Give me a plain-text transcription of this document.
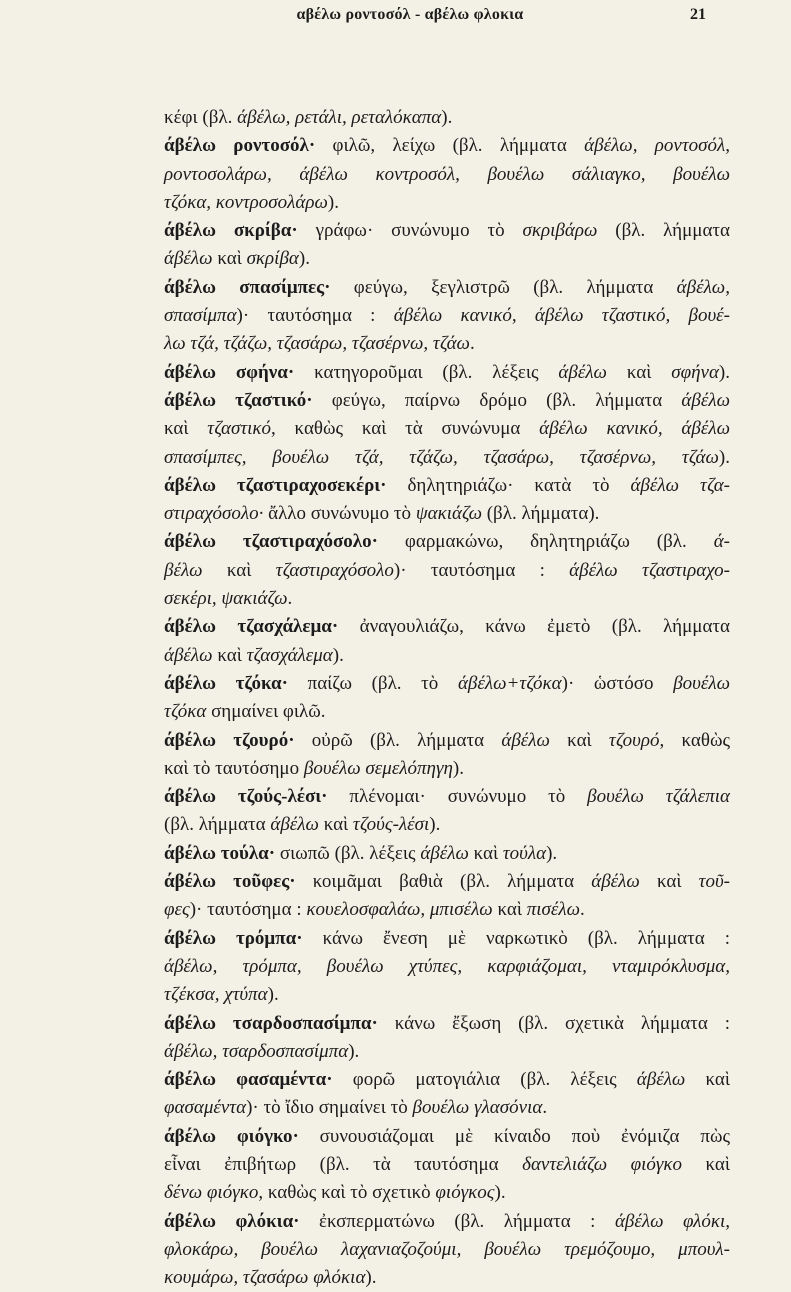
αβέλω ροντοσόλ - αβέλω φλοκια	21
κέφι (βλ. άβέλω, ρετάλι, ρεταλόκαπα).
άβέλω ροντοσόλ· φιλῶ, λείχω (βλ. λήμματα άβέλω, ροντοσόλ,
ροντοσολάρω, άβέλω κοντροσόλ, βουέλω σάλιαγκο, βουέλω
τζόκα, κοντροσολάρω).
άβέλω σκρίβα· γράφω· συνώνυμο τὸ σκριβάρω (βλ. λήμματα
άβέλω καὶ σκρίβα).
άβέλω σπασίμπες· φεύγω, ξεγλιστρῶ (βλ. λήμματα άβέλω,
σπασίμπα)· ταυτόσημα : άβέλω κανικό, άβέλω τζαστικό, βουέ-
λω τζά, τζάζω, τζασάρω, τζασέρνω, τζάω.
άβέλω σφήνα· κατηγοροῦμαι (βλ. λέξεις άβέλω καὶ σφήνα).
άβέλω τζαστικό· φεύγω, παίρνω δρόμο (βλ. λήμματα άβέλω
καὶ τζαστικό, καθὼς καὶ τὰ συνώνυμα άβέλω κανικό, άβέλω
σπασίμπες, βουέλω τζά, τζάζω, τζασάρω, τζασέρνω, τζάω).
άβέλω τζαστιραχοσεκέρι· δηλητηριάζω· κατὰ τὸ άβέλω τζα-
στιραχόσολο· ἄλλο συνώνυμο τὸ ψακιάζω (βλ. λήμματα).
άβέλω τζαστιραχόσολο· φαρμακώνω, δηλητηριάζω (βλ. ά-
βέλω καὶ τζαστιραχόσολο)· ταυτόσημα : άβέλω τζαστιραχο-
σεκέρι, ψακιάζω.
άβέλω τζασχάλεμα· ἀναγουλιάζω, κάνω ἐμετὸ (βλ. λήμματα
άβέλω καὶ τζασχάλεμα).
άβέλω τζόκα· παίζω (βλ. τὸ άβέλω+τζόκα)· ὡστόσο βουέλω
τζόκα σημαίνει φιλῶ.
άβέλω τζουρό· οὐρῶ (βλ. λήμματα άβέλω καὶ τζουρό, καθὼς
καὶ τὸ ταυτόσημο βουέλω σεμελόπηγη).
άβέλω τζούς-λέσι· πλένομαι· συνώνυμο τὸ βουέλω τζάλεπια
(βλ. λήμματα άβέλω καὶ τζούς-λέσι).
άβέλω τούλα· σιωπῶ (βλ. λέξεις άβέλω καὶ τούλα).
άβέλω τοῦφες· κοιμᾶμαι βαθιὰ (βλ. λήμματα άβέλω καὶ τοῦ-
φες)· ταυτόσημα : κουελοσφαλάω, μπισέλω καὶ πισέλω.
άβέλω τρόμπα· κάνω ἔνεση μὲ ναρκωτικὸ (βλ. λήμματα :
άβέλω, τρόμπα, βουέλω χτύπες, καρφιάζομαι, νταμιρόκλυσμα,
τζέκσα, χτύπα).
άβέλω τσαρδοσπασίμπα· κάνω ἔξωση (βλ. σχετικὰ λήμματα :
άβέλω, τσαρδοσπασίμπα).
άβέλω φασαμέντα· φορῶ ματογιάλια (βλ. λέξεις άβέλω καὶ
φασαμέντα)· τὸ ἴδιο σημαίνει τὸ βουέλω γλασόνια.
άβέλω φιόγκο· συνουσιάζομαι μὲ κίναιδο ποὺ ἐνόμιζα πὼς
εἶναι ἐπιβήτωρ (βλ. τὰ ταυτόσημα δαντελιάζω φιόγκο καὶ
δένω φιόγκο, καθὼς καὶ τὸ σχετικὸ φιόγκος).
άβέλω φλόκια· ἐκσπερματώνω (βλ. λήμματα : άβέλω φλόκι,
φλοκάρω, βουέλω λαχανιαζοζούμι, βουέλω τρεμόζουμο, μπουλ-
κουμάρω, τζασάρω φλόκια).
